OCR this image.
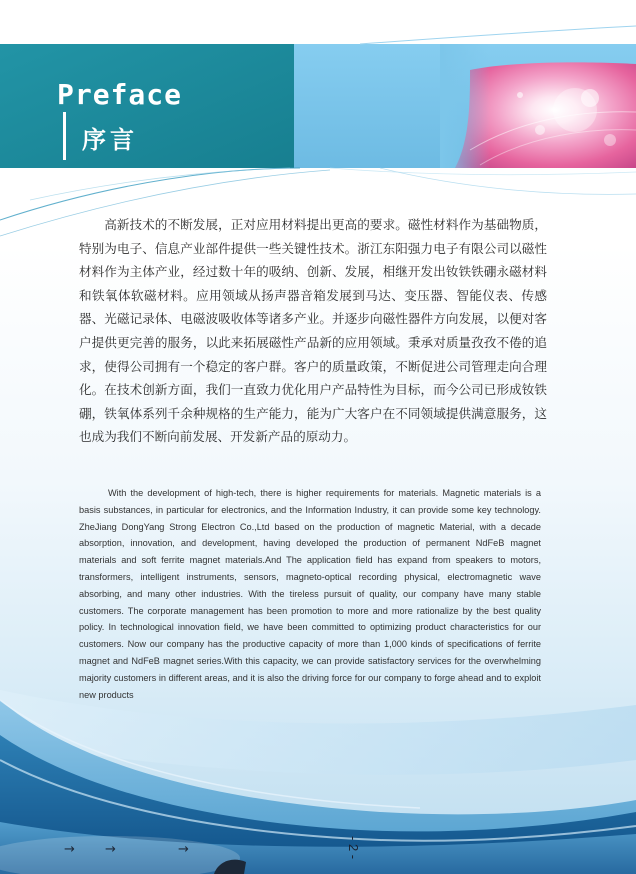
Preface
序言

高新技术的不断发展，正对应用材料提出更高的要求。磁性材料作为基础物质，特别为电子、信息产业部件提供一些关键性技术。浙江东阳强力电子有限公司以磁性材料作为主体产业，经过数十年的吸纳、创新、发展，相继开发出钕铁铁硼永磁材料和铁氧体软磁材料。应用领域从扬声器音箱发展到马达、变压器、智能仪表、传感器、光磁记录体、电磁波吸收体等诸多产业。并逐步向磁性器件方向发展，以便对客户提供更完善的服务，以此来拓展磁性产品新的应用领域。秉承对质量孜孜不倦的追求，使得公司拥有一个稳定的客户群。客户的质量政策，不断促进公司管理走向合理化。在技术创新方面，我们一直致力优化用户产品特性为目标，而今公司已形成钕铁硼，铁氧体系列千余种规格的生产能力，能为广大客户在不同领域提供满意服务，这也成为我们不断向前发展、开发新产品的原动力。

With the development of high-tech, there is higher requirements for materials. Magnetic materials is a basis substances, in particular for electronics, and the Information Industry, it can provide some key technology. ZheJiang DongYang Strong Electron Co.,Ltd based on the production of magnetic Material, with a decade absorption, innovation, and development, having developed the production of permanent NdFeB magnet materials and soft ferrite magnet materials.And The application field has expand from speakers to motors, transformers, intelligent instruments, sensors, magneto-optical recording physical, electromagnetic wave absorbing, and many other industries. With the tireless pursuit of quality, our company have many stable customers. The corporate management has been promotion to more and more rationalize by the best quality policy. In technological innovation field, we have been committed to optimizing product characteristics for our customers. Now our company has the productive capacity of more than 1,000 kinds of specifications of ferrite magnet and NdFeB magnet series.With this capacity, we can provide satisfactory services for the overwhelming majority customers in different areas, and it is also the driving force for our company to forge ahead and to exploit new products

→ →	→	- 2 -
